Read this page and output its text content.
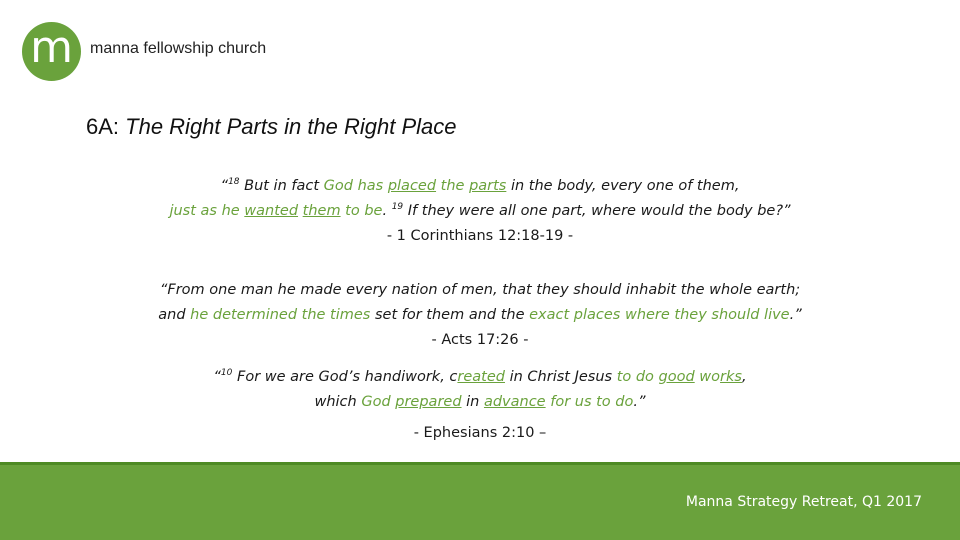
m manna fellowship church
6A: The Right Parts in the Right Place
“$^{18}$ But in fact God has placed the parts in the body, every one of them,
just as he wanted them to be. $^{19}$ If they were all one part, where would the body be?”
- 1 Corinthians 12:18-19 -
“From one man he made every nation of men, that they should inhabit the whole earth;
and he determined the times set for them and the exact places where they should live.”
- Acts 17:26 -
“$^{10}$ For we are God’s handiwork, created in Christ Jesus to do good works,
which God prepared in advance for us to do.”
- Ephesians 2:10 –
Manna Strategy Retreat, Q1 2017
